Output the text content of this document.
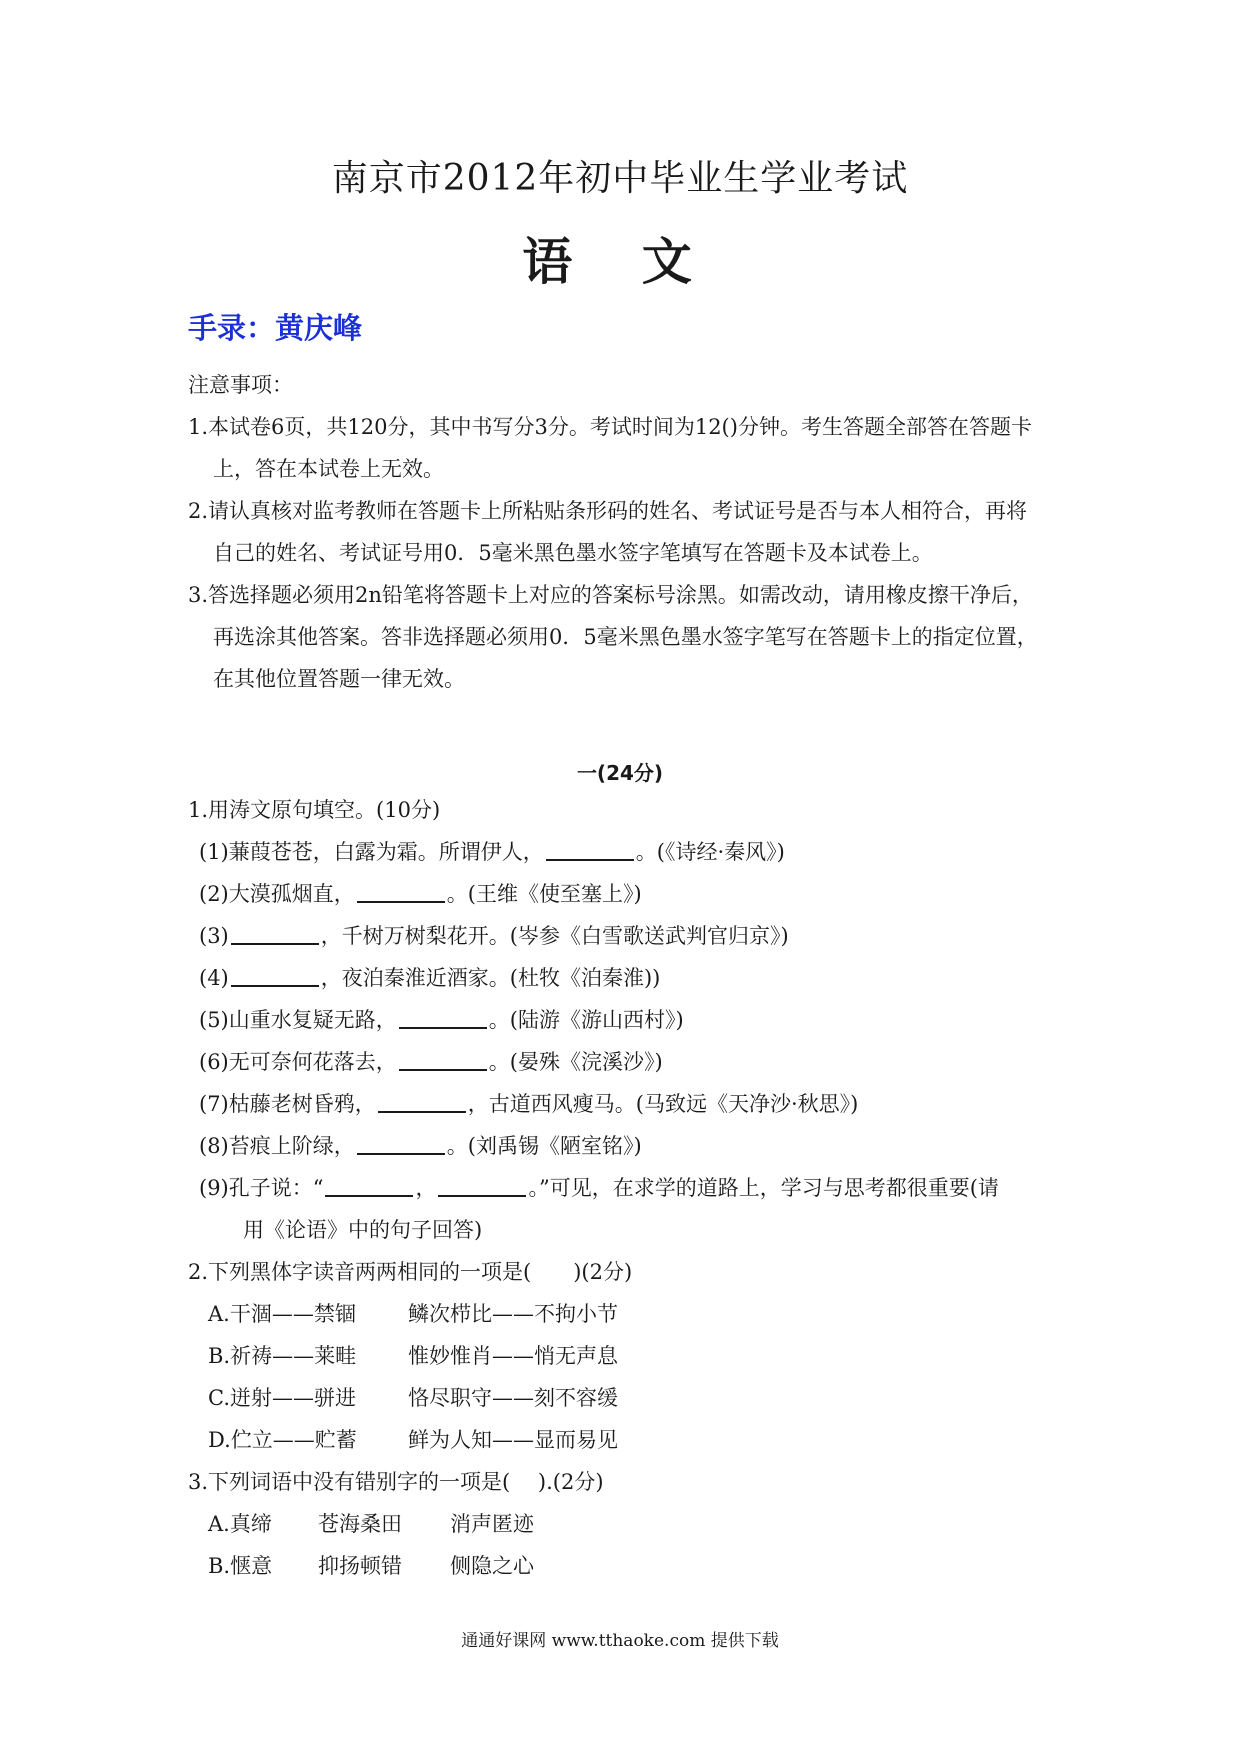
南京市2012年初中毕业生学业考试
语 文
手录：黄庆峰
注意事项：
1.本试卷6页，共120分，其中书写分3分。考试时间为12()分钟。考生答题全部答在答题卡
上，答在本试卷上无效。
2.请认真核对监考教师在答题卡上所粘贴条形码的姓名、考试证号是否与本人相符合，再将
自己的姓名、考试证号用0．5毫米黑色墨水签字笔填写在答题卡及本试卷上。
3.答选择题必须用2n铅笔将答题卡上对应的答案标号涂黑。如需改动，请用橡皮擦干净后，
再选涂其他答案。答非选择题必须用0．5毫米黑色墨水签字笔写在答题卡上的指定位置，
在其他位置答题一律无效。
一(24分)
1.用涛文原句填空。(10分)
(1)蒹葭苍苍，白露为霜。所谓伊人，	。(《诗经·秦风》)
(2)大漠孤烟直，	。(王维《使至塞上》)
(3)	，千树万树梨花开。(岑参《白雪歌送武判官归京》)
(4)	，夜泊秦淮近酒家。(杜牧《泊秦淮))
(5)山重水复疑无路，	。(陆游《游山西村》)
(6)无可奈何花落去，	。(晏殊《浣溪沙》)
(7)枯藤老树昏鸦，	，古道西风瘦马。(马致远《天净沙·秋思》)
(8)苔痕上阶绿，	。(刘禹锡《陋室铭》)
(9)孔子说：“	，	。”可见，在求学的道路上，学习与思考都很重要(请
用《论语》中的句子回答)
2.下列黑体字读音两两相同的一项是(　　)(2分)
A.干涸——禁锢 鳞次栉比——不拘小节
B.祈祷——莱畦 惟妙惟肖——悄无声息
C.迸射——骈进 恪尽职守——刻不容缓
D.伫立——贮蓄 鲜为人知——显而易见
3.下列词语中没有错别字的一项是(　 ).(2分)
A.真缔 苍海桑田 消声匿迹
B.惬意 抑扬顿错 侧隐之心
通通好课网 www.tthaoke.com 提供下载
